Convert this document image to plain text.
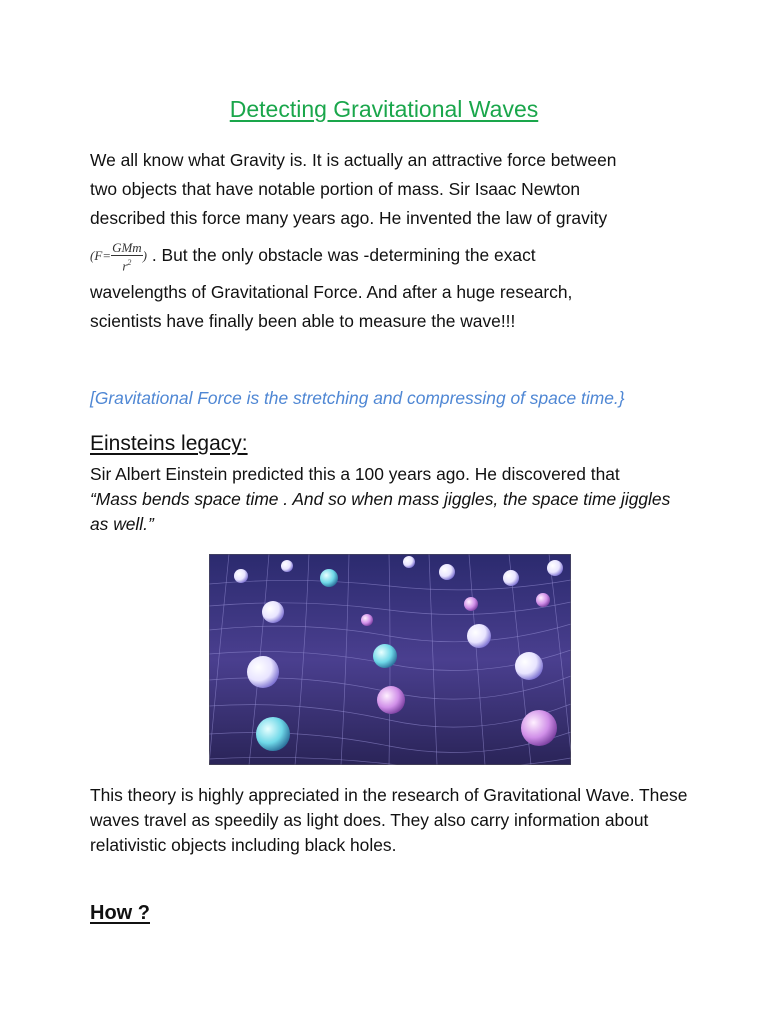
Detecting Gravitational Waves

We all know what Gravity is. It is actually an attractive force between
two objects that have notable portion of mass. Sir Isaac Newton
described this force many years ago. He invented the law of gravity

($F= \frac{\text{GMm}}{r^2}$ ) . But the only obstacle was -determining the exact
wavelengths of Gravitational Force. And after a huge research,
scientists have finally been able to measure the wave!!!

[Gravitational Force is the stretching and compressing of space time.}

Einsteins legacy:

Sir Albert Einstein predicted this a 100 years ago. He discovered that
“Mass bends space time . And so when mass jiggles, the space time jiggles as well.”

This theory is highly appreciated in the research of Gravitational Wave. These waves travel as speedily as light does. They also carry information about relativistic objects including black holes.

How ?
